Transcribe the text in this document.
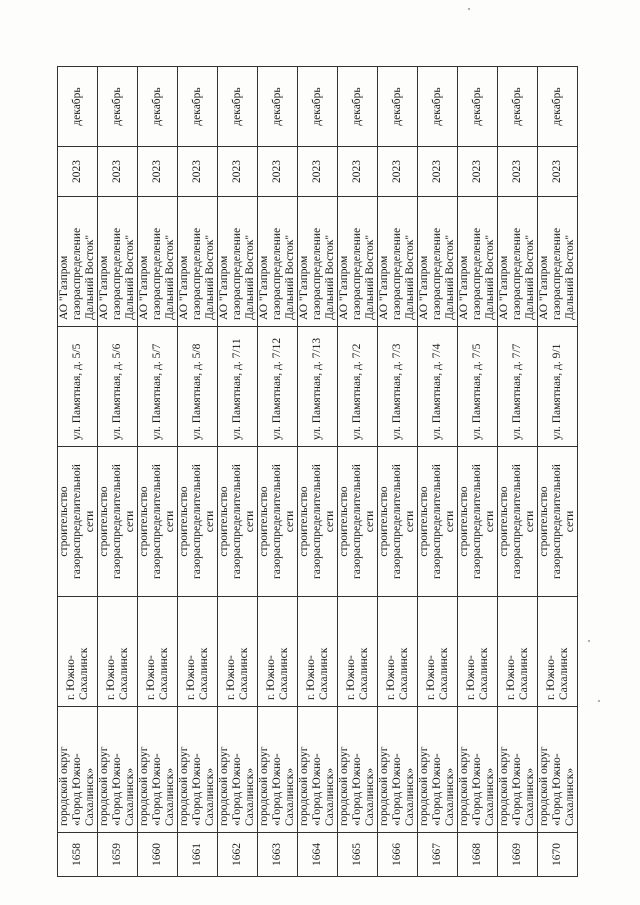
1658	городской округ «Город Южно-Сахалинск»	г. Южно-Сахалинск	строительство газораспределительной сети	ул. Памятная, д. 5/5	АО "Газпром газораспределение Дальний Восток"	2023	декабрь
1659	городской округ «Город Южно-Сахалинск»	г. Южно-Сахалинск	строительство газораспределительной сети	ул. Памятная, д. 5/6	АО "Газпром газораспределение Дальний Восток"	2023	декабрь
1660	городской округ «Город Южно-Сахалинск»	г. Южно-Сахалинск	строительство газораспределительной сети	ул. Памятная, д. 5/7	АО "Газпром газораспределение Дальний Восток"	2023	декабрь
1661	городской округ «Город Южно-Сахалинск»	г. Южно-Сахалинск	строительство газораспределительной сети	ул. Памятная, д. 5/8	АО "Газпром газораспределение Дальний Восток"	2023	декабрь
1662	городской округ «Город Южно-Сахалинск»	г. Южно-Сахалинск	строительство газораспределительной сети	ул. Памятная, д. 7/11	АО "Газпром газораспределение Дальний Восток"	2023	декабрь
1663	городской округ «Город Южно-Сахалинск»	г. Южно-Сахалинск	строительство газораспределительной сети	ул. Памятная, д. 7/12	АО "Газпром газораспределение Дальний Восток"	2023	декабрь
1664	городской округ «Город Южно-Сахалинск»	г. Южно-Сахалинск	строительство газораспределительной сети	ул. Памятная, д. 7/13	АО "Газпром газораспределение Дальний Восток"	2023	декабрь
1665	городской округ «Город Южно-Сахалинск»	г. Южно-Сахалинск	строительство газораспределительной сети	ул. Памятная, д. 7/2	АО "Газпром газораспределение Дальний Восток"	2023	декабрь
1666	городской округ «Город Южно-Сахалинск»	г. Южно-Сахалинск	строительство газораспределительной сети	ул. Памятная, д. 7/3	АО "Газпром газораспределение Дальний Восток"	2023	декабрь
1667	городской округ «Город Южно-Сахалинск»	г. Южно-Сахалинск	строительство газораспределительной сети	ул. Памятная, д. 7/4	АО "Газпром газораспределение Дальний Восток"	2023	декабрь
1668	городской округ «Город Южно-Сахалинск»	г. Южно-Сахалинск	строительство газораспределительной сети	ул. Памятная, д. 7/5	АО "Газпром газораспределение Дальний Восток"	2023	декабрь
1669	городской округ «Город Южно-Сахалинск»	г. Южно-Сахалинск	строительство газораспределительной сети	ул. Памятная, д. 7/7	АО "Газпром газораспределение Дальний Восток"	2023	декабрь
1670	городской округ «Город Южно-Сахалинск»	г. Южно-Сахалинск	строительство газораспределительной сети	ул. Памятная, д. 9/1	АО "Газпром газораспределение Дальний Восток"	2023	декабрь
